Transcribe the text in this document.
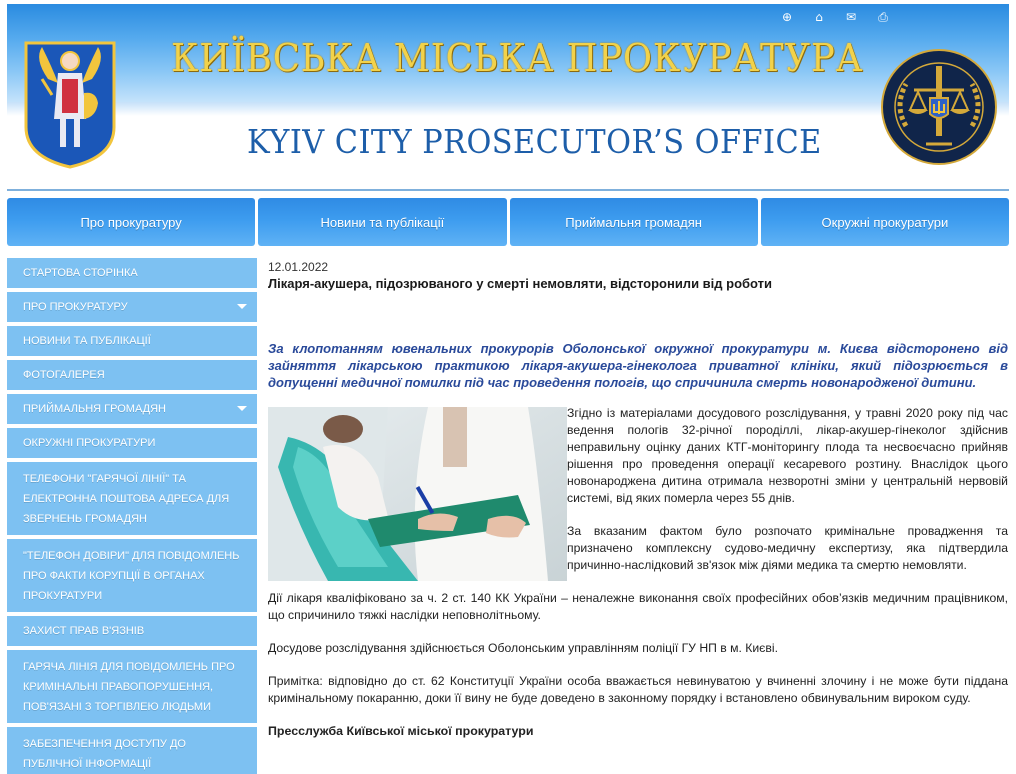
⊕	⌂	✉ ⎙
КИЇВСЬКА МІСЬКА ПРОКУРАТУРА
KYIV CITY PROSECUTOR’S OFFICE
Про прокуратуру	Новини та публікації	Приймальня громадян	Окружні прокуратури
СТАРТОВА СТОРІНКА
ПРО ПРОКУРАТУРУ
НОВИНИ ТА ПУБЛІКАЦІЇ
ФОТОГАЛЕРЕЯ
ПРИЙМАЛЬНЯ ГРОМАДЯН
ОКРУЖНІ ПРОКУРАТУРИ
ТЕЛЕФОНИ "ГАРЯЧОЇ ЛІНІЇ" ТА ЕЛЕКТРОННА ПОШТОВА АДРЕСА ДЛЯ ЗВЕРНЕНЬ ГРОМАДЯН
"ТЕЛЕФОН ДОВІРИ" ДЛЯ ПОВІДОМЛЕНЬ ПРО ФАКТИ КОРУПЦІЇ В ОРГАНАХ ПРОКУРАТУРИ
ЗАХИСТ ПРАВ В'ЯЗНІВ
ГАРЯЧА ЛІНІЯ ДЛЯ ПОВІДОМЛЕНЬ ПРО КРИМІНАЛЬНІ ПРАВОПОРУШЕННЯ, ПОВ'ЯЗАНІ З ТОРГІВЛЕЮ ЛЮДЬМИ
ЗАБЕЗПЕЧЕННЯ ДОСТУПУ ДО ПУБЛІЧНОЇ ІНФОРМАЦІЇ
12.01.2022
Лікаря-акушера, підозрюваного у смерті немовляти, відсторонили від роботи
За клопотанням ювенальних прокурорів Оболонської окружної прокуратури м. Києва відсторонено від зайняття лікарською практикою лікаря-акушера-гінеколога приватної клініки, який підозрюється в допущенні медичної помилки під час проведення пологів, що спричинила смерть новонародженої дитини.
Згідно із матеріалами досудового розслідування, у травні 2020 року під час ведення пологів 32-річної породіллі, лікар-акушер-гінеколог здійснив неправильну оцінку даних КТГ-моніторингу плода та несвоєчасно прийняв рішення про проведення операції кесаревого розтину. Внаслідок цього новонароджена дитина отримала незворотні зміни у центральній нервовій системі, від яких померла через 55 днів.
За вказаним фактом було розпочато кримінальне провадження та призначено комплексну судово-медичну експертизу, яка підтвердила причинно-наслідковий зв'язок між діями медика та смертю немовляти.
Дії лікаря кваліфіковано за ч. 2 ст. 140 КК України – неналежне виконання своїх професійних обов’язків медичним працівником, що спричинило тяжкі наслідки неповнолітньому.
Досудове розслідування здійснюється Оболонським управлінням поліції ГУ НП в м. Києві.
Примітка: відповідно до ст. 62 Конституції України особа вважається невинуватою у вчиненні злочину і не може бути піддана кримінальному покаранню, доки її вину не буде доведено в законному порядку і встановлено обвинувальним вироком суду.
Пресслужба Київської міської прокуратури
